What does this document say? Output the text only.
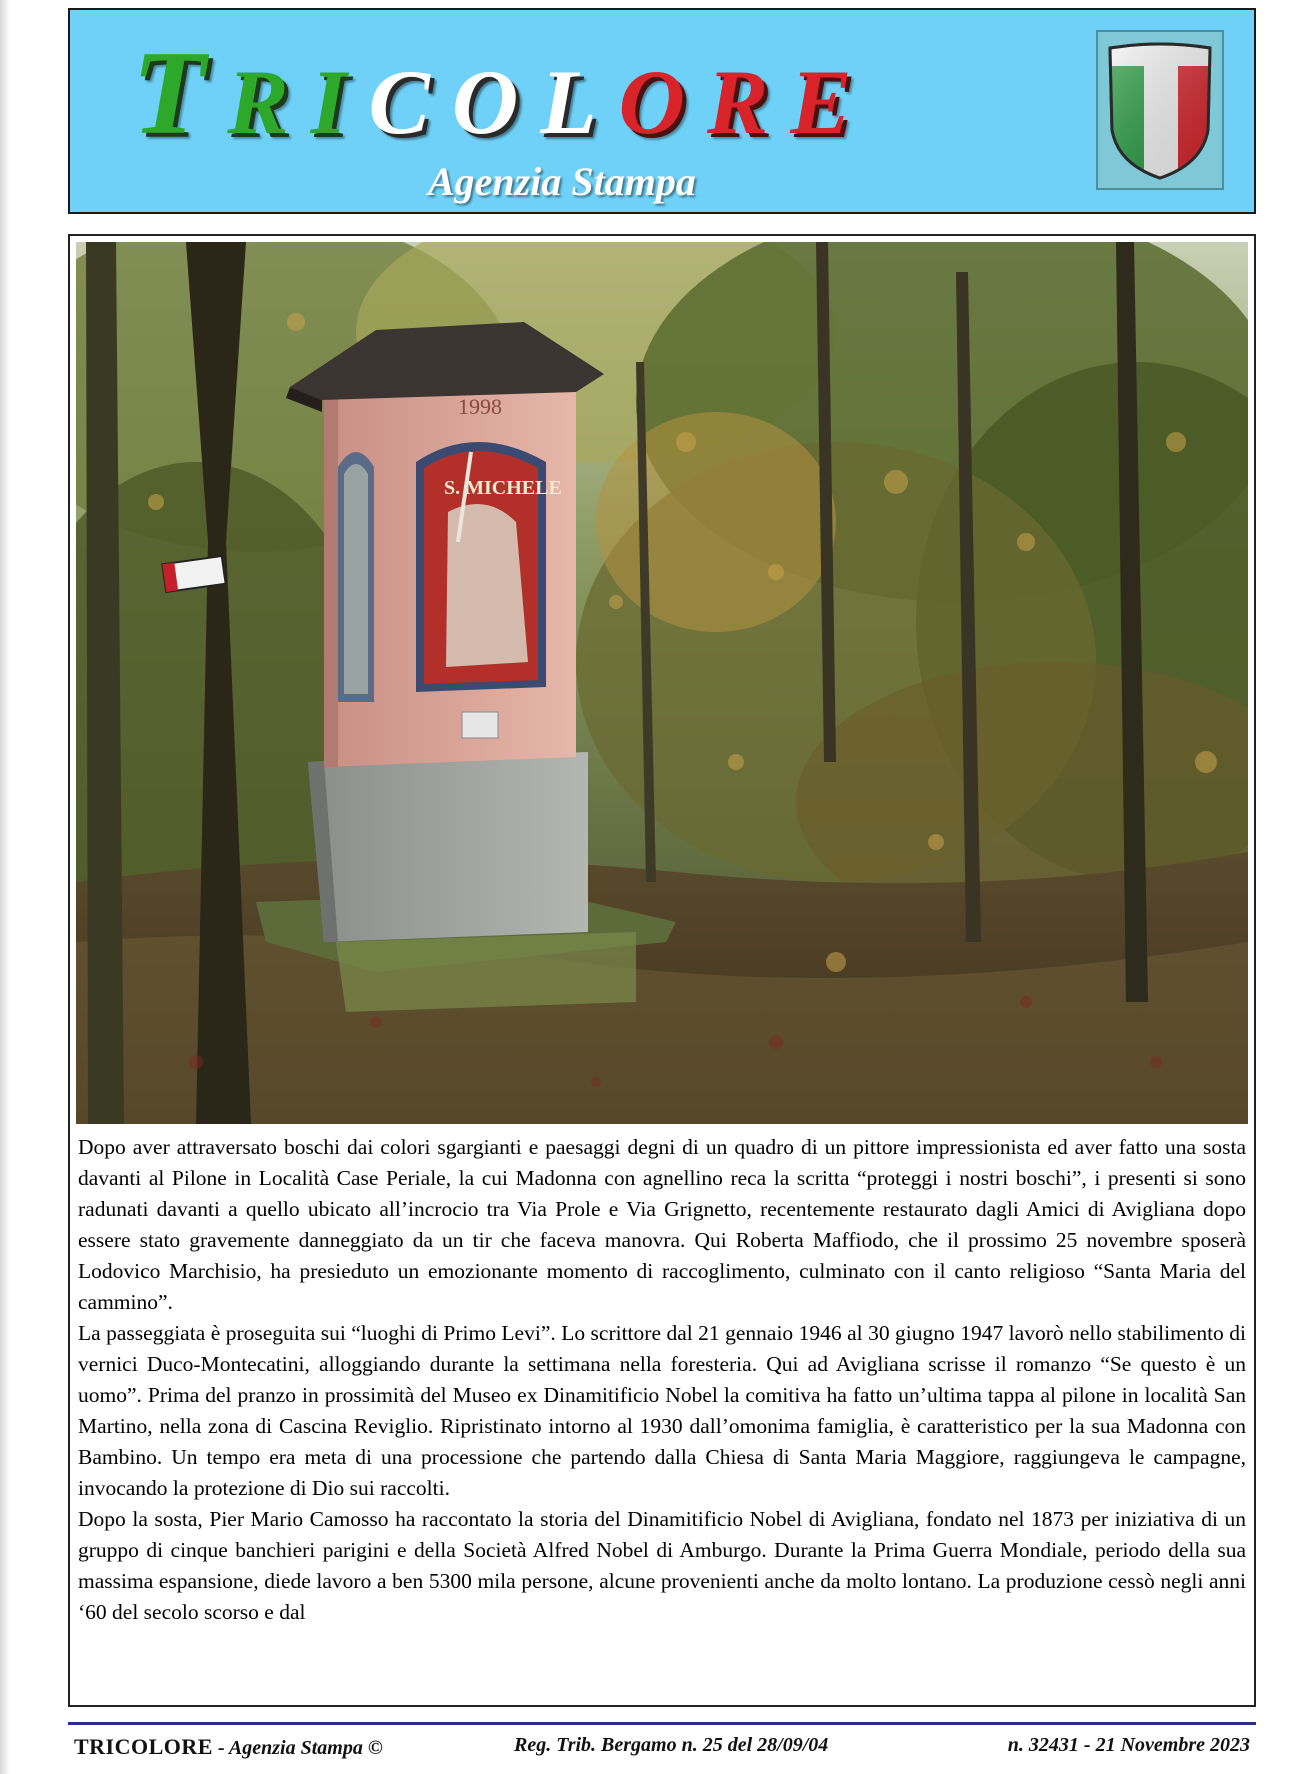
TRICOLORE
Agenzia Stampa
S. MICHELE
1998

Dopo aver attraversato boschi dai colori sgargianti e paesaggi degni di un quadro di un pittore impressionista ed aver fatto una sosta davanti al Pilone in Località Case Periale, la cui Madonna con agnellino reca la scritta “proteggi i nostri boschi”, i presenti si sono radunati davanti a quello ubicato all’incrocio tra Via Prole e Via Grignetto, recentemente restaurato dagli Amici di Avigliana dopo essere stato gravemente danneggiato da un tir che faceva manovra. Qui Roberta Maffiodo, che il prossimo 25 novembre sposerà Lodovico Marchisio, ha presieduto un emozionante momento di raccoglimento, culminato con il canto religioso “Santa Maria del cammino”.

La passeggiata è proseguita sui “luoghi di Primo Levi”. Lo scrittore dal 21 gennaio 1946 al 30 giugno 1947 lavorò nello stabilimento di vernici Duco-Montecatini, alloggiando durante la settimana nella foresteria. Qui ad Avigliana scrisse il romanzo “Se questo è un uomo”. Prima del pranzo in prossimità del Museo ex Dinamitificio Nobel la comitiva ha fatto un’ultima tappa al pilone in località San Martino, nella zona di Cascina Reviglio. Ripristinato intorno al 1930 dall’omonima famiglia, è caratteristico per la sua Madonna con Bambino. Un tempo era meta di una processione che partendo dalla Chiesa di Santa Maria Maggiore, raggiungeva le campagne, invocando la protezione di Dio sui raccolti.

Dopo la sosta, Pier Mario Camosso ha raccontato la storia del Dinamitificio Nobel di Avigliana, fondato nel 1873 per iniziativa di un gruppo di cinque banchieri parigini e della Società Alfred Nobel di Amburgo. Durante la Prima Guerra Mondiale, periodo della sua massima espansione, diede lavoro a ben 5300 mila persone, alcune provenienti anche da molto lontano. La produzione cessò negli anni ‘60 del secolo scorso e dal

TRICOLORE - Agenzia Stampa ©	Reg. Trib. Bergamo n. 25 del 28/09/04	n. 32431 - 21 Novembre 2023
